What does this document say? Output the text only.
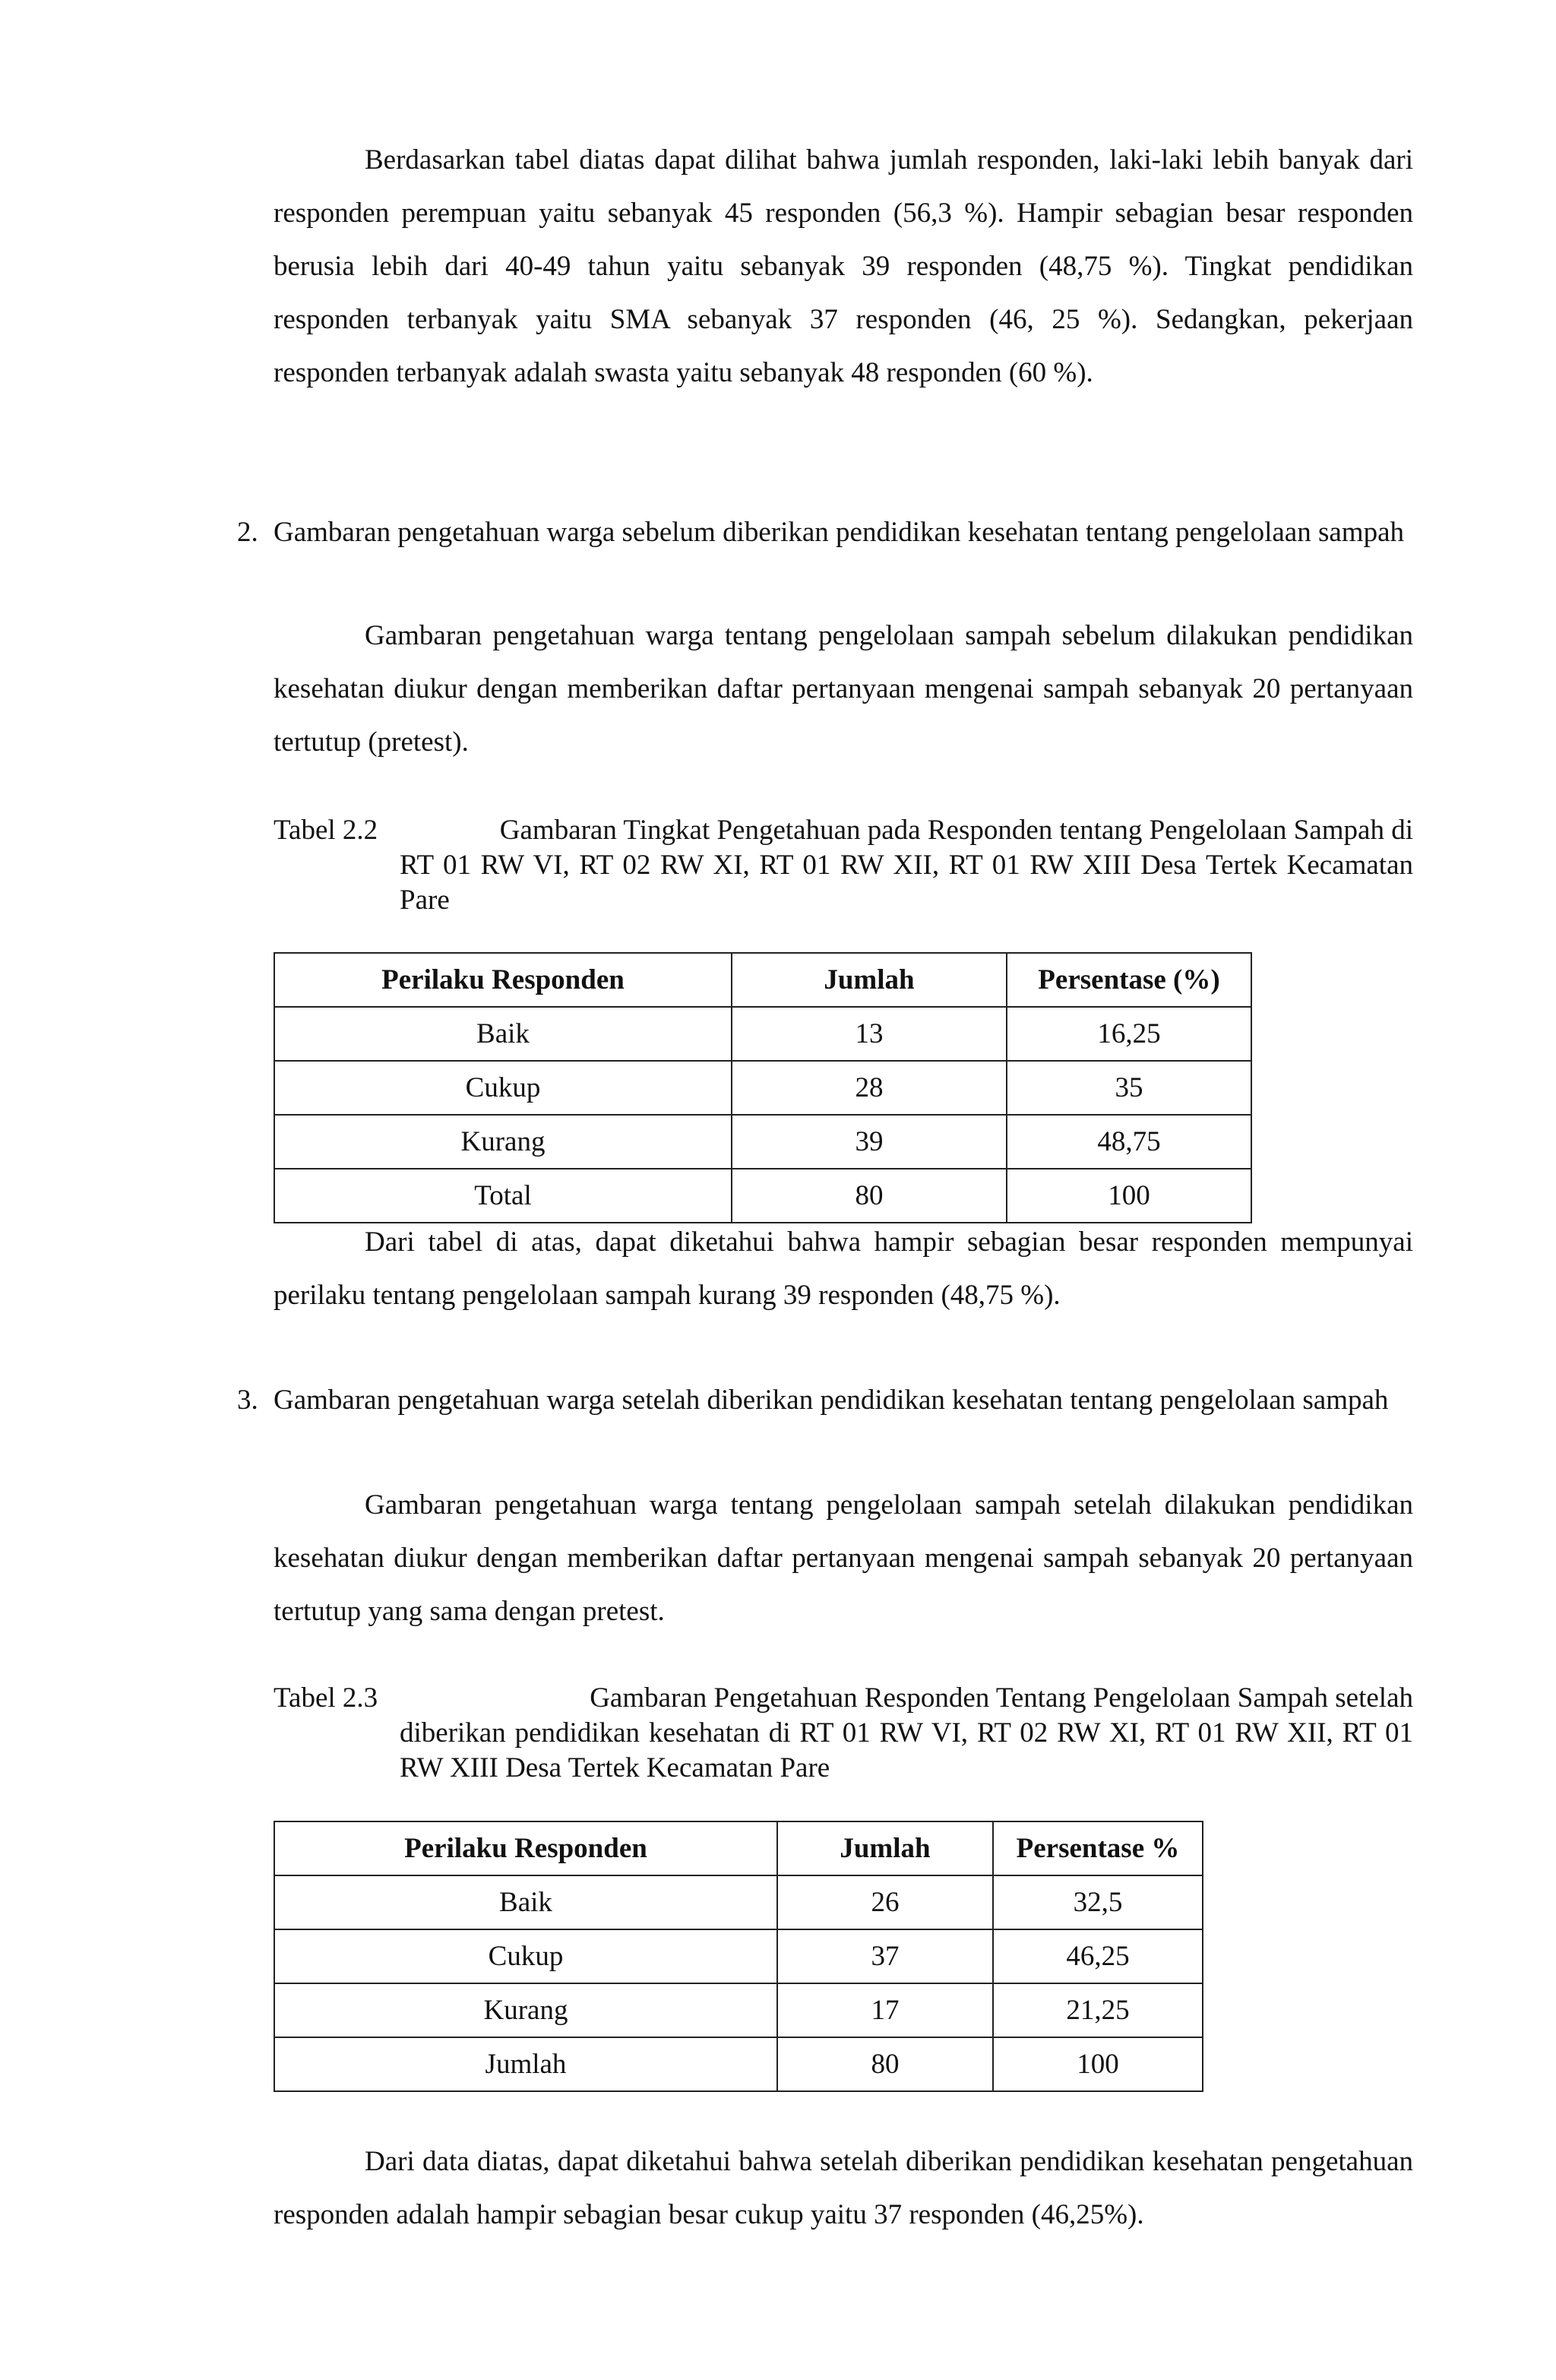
Berdasarkan tabel diatas dapat dilihat bahwa jumlah responden, laki-laki lebih banyak dari responden perempuan yaitu sebanyak 45 responden (56,3 %). Hampir sebagian besar responden berusia lebih dari 40-49 tahun yaitu sebanyak 39 responden (48,75 %). Tingkat pendidikan responden terbanyak yaitu SMA sebanyak 37 responden (46, 25 %). Sedangkan, pekerjaan responden terbanyak adalah swasta yaitu sebanyak 48 responden (60 %).

2. Gambaran pengetahuan warga sebelum diberikan pendidikan kesehatan tentang pengelolaan sampah

Gambaran pengetahuan warga tentang pengelolaan sampah sebelum dilakukan pendidikan kesehatan diukur dengan memberikan daftar pertanyaan mengenai sampah sebanyak 20 pertanyaan tertutup (pretest).

Tabel 2.2	Gambaran Tingkat Pengetahuan pada Responden tentang Pengelolaan Sampah di
RT 01 RW VI, RT 02 RW XI, RT 01 RW XII, RT 01 RW XIII Desa Tertek Kecamatan Pare
Perilaku Responden	Jumlah	Persentase (%)
Baik	13	16,25
Cukup	28	35
Kurang	39	48,75
Total	80	100

Dari tabel di atas, dapat diketahui bahwa hampir sebagian besar responden mempunyai perilaku tentang pengelolaan sampah kurang 39 responden (48,75 %).

3. Gambaran pengetahuan warga setelah diberikan pendidikan kesehatan tentang pengelolaan sampah

Gambaran pengetahuan warga tentang pengelolaan sampah setelah dilakukan pendidikan kesehatan diukur dengan memberikan daftar pertanyaan mengenai sampah sebanyak 20 pertanyaan tertutup yang sama dengan pretest.

Tabel 2.3	Gambaran Pengetahuan Responden Tentang Pengelolaan Sampah setelah
diberikan pendidikan kesehatan di RT 01 RW VI, RT 02 RW XI, RT 01 RW XII, RT 01 RW XIII Desa Tertek Kecamatan Pare
Perilaku Responden	Jumlah	Persentase %
Baik	26	32,5
Cukup	37	46,25
Kurang	17	21,25
Jumlah	80	100

Dari data diatas, dapat diketahui bahwa setelah diberikan pendidikan kesehatan pengetahuan responden adalah hampir sebagian besar cukup yaitu 37 responden (46,25%).
